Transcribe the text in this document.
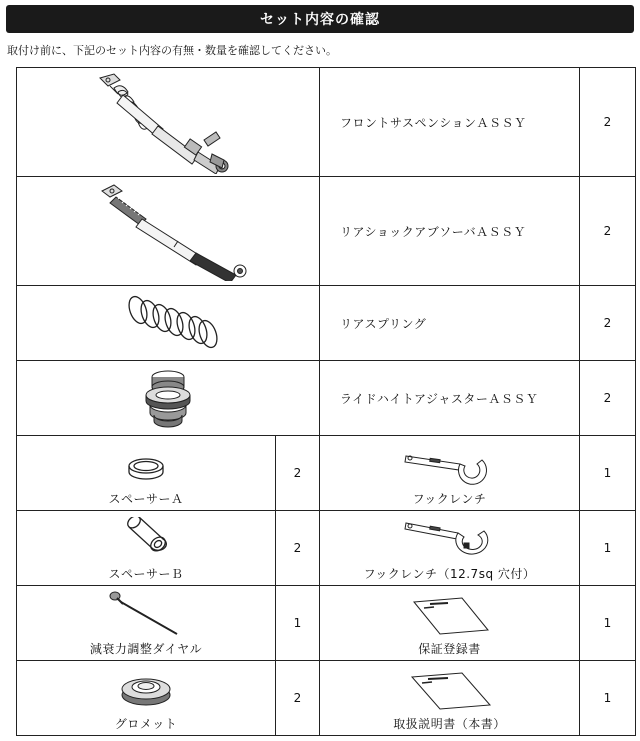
セット内容の確認
取付け前に、下記のセット内容の有無・数量を確認してください。
	フロントサスペンションＡＳＳＹ	2

	リアショックアブソーバＡＳＳＹ	2

	リアスプリング	2

	ライドハイトアジャスターＡＳＳＹ	2

スペーサーＡ	2	フックレンチ	1

スペーサーＢ	2	フックレンチ（12.7sq 穴付）	1

減衰力調整ダイヤル	1	保証登録書	1

グロメット	2	取扱説明書（本書）	1
